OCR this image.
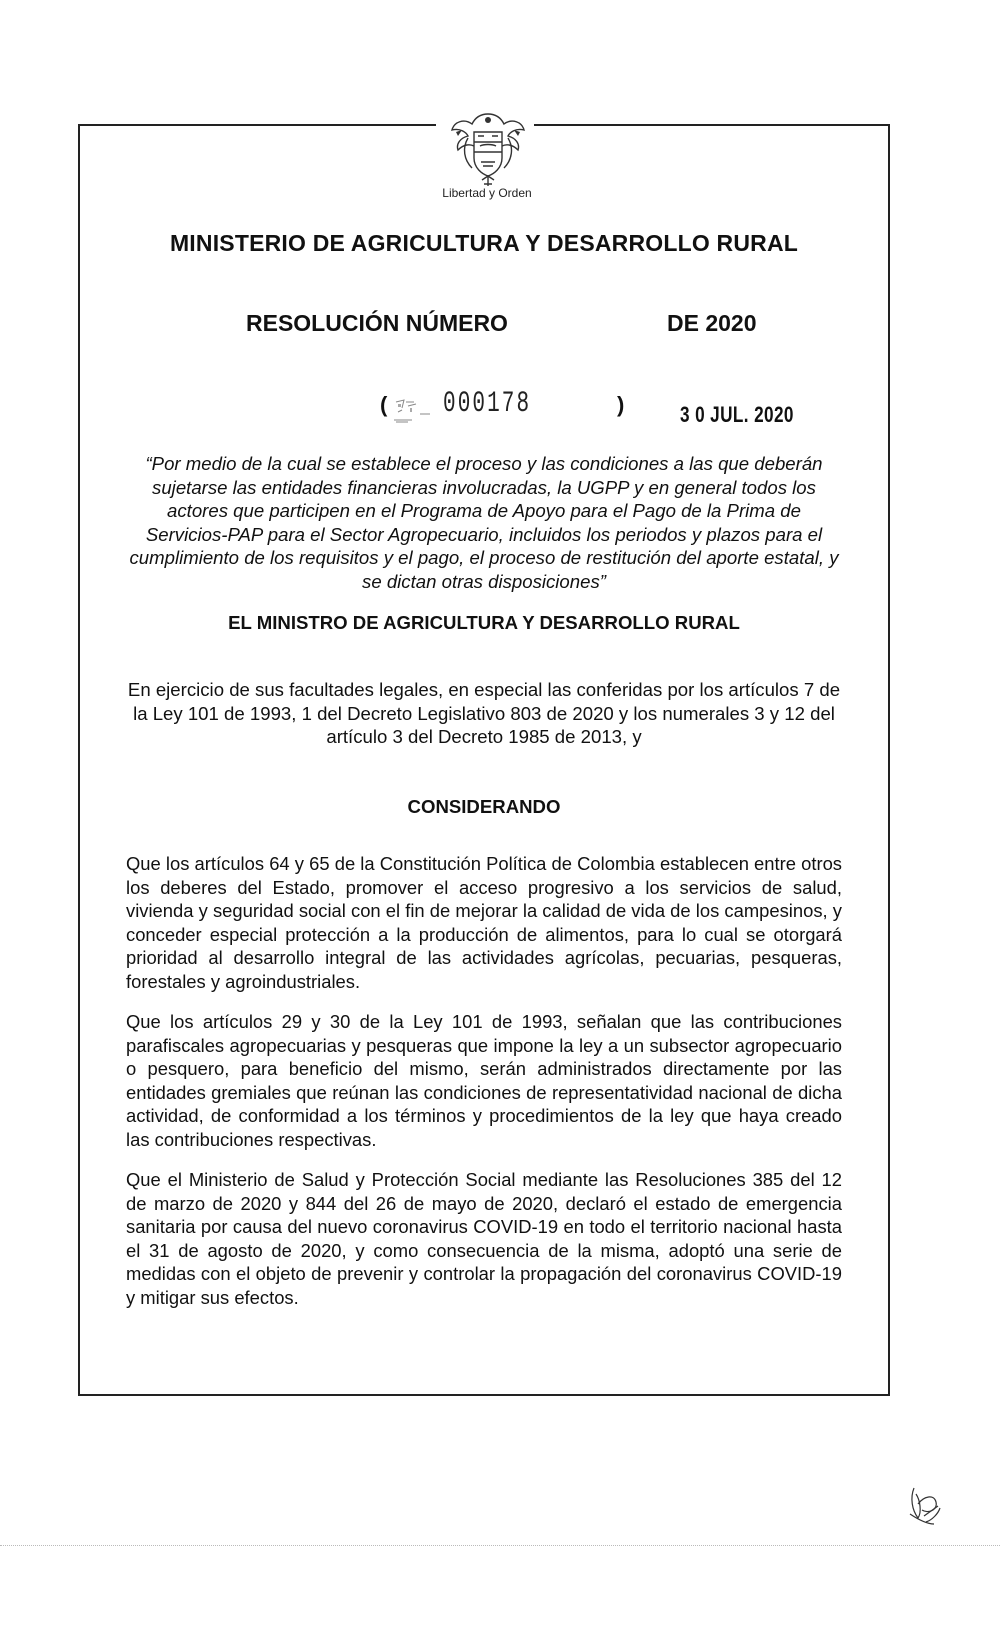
Libertad y Orden
MINISTERIO DE AGRICULTURA Y DESARROLLO RURAL
RESOLUCIÓN NÚMERO	DE 2020
( 000178	)	3 0 JUL. 2020
“Por medio de la cual se establece el proceso y las condiciones a las que deberán sujetarse las entidades financieras involucradas, la UGPP y en general todos los actores que participen en el Programa de Apoyo para el Pago de la Prima de Servicios-PAP para el Sector Agropecuario, incluidos los periodos y plazos para el cumplimiento de los requisitos y el pago, el proceso de restitución del aporte estatal, y se dictan otras disposiciones”
EL MINISTRO DE AGRICULTURA Y DESARROLLO RURAL
En ejercicio de sus facultades legales, en especial las conferidas por los artículos 7 de la Ley 101 de 1993, 1 del Decreto Legislativo 803 de 2020 y los numerales 3 y 12 del artículo 3 del Decreto 1985 de 2013, y
CONSIDERANDO
Que los artículos 64 y 65 de la Constitución Política de Colombia establecen entre otros los deberes del Estado, promover el acceso progresivo a los servicios de salud, vivienda y seguridad social con el fin de mejorar la calidad de vida de los campesinos, y conceder especial protección a la producción de alimentos, para lo cual se otorgará prioridad al desarrollo integral de las actividades agrícolas, pecuarias, pesqueras, forestales y agroindustriales.
Que los artículos 29 y 30 de la Ley 101 de 1993, señalan que las contribuciones parafiscales agropecuarias y pesqueras que impone la ley a un subsector agropecuario o pesquero, para beneficio del mismo, serán administrados directamente por las entidades gremiales que reúnan las condiciones de representatividad nacional de dicha actividad, de conformidad a los términos y procedimientos de la ley que haya creado las contribuciones respectivas.
Que el Ministerio de Salud y Protección Social mediante las Resoluciones 385 del 12 de marzo de 2020 y 844 del 26 de mayo de 2020, declaró el estado de emergencia sanitaria por causa del nuevo coronavirus COVID-19 en todo el territorio nacional hasta el 31 de agosto de 2020, y como consecuencia de la misma, adoptó una serie de medidas con el objeto de prevenir y controlar la propagación del coronavirus COVID-19 y mitigar sus efectos.
